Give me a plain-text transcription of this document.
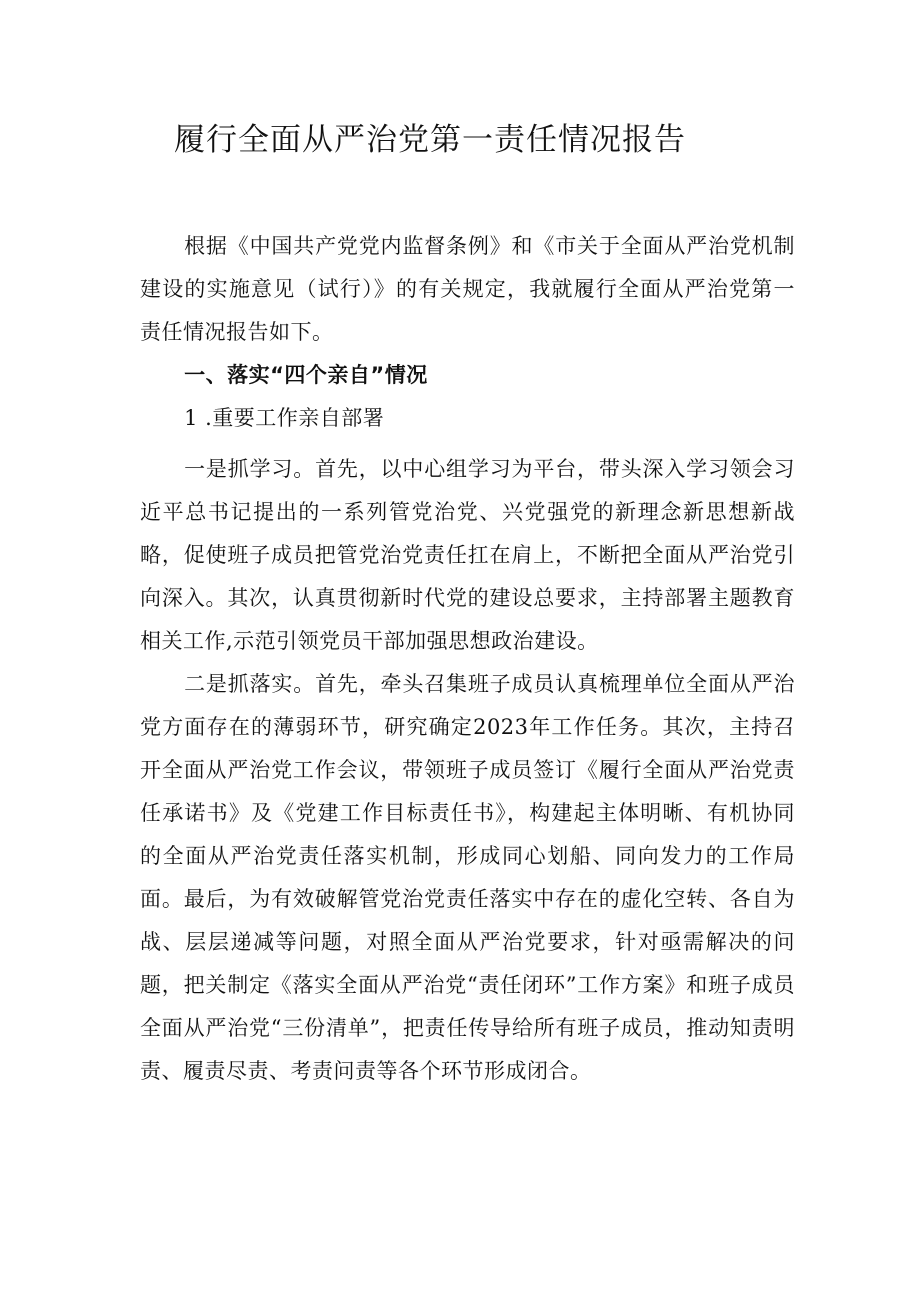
履行全面从严治党第一责任情况报告

根据《中国共产党党内监督条例》和《市关于全面从严治党机制建设的实施意见（试行）》的有关规定，我就履行全面从严治党第一责任情况报告如下。

一、落实“四个亲自”情况

1 .重要工作亲自部署

一是抓学习。首先，以中心组学习为平台，带头深入学习领会习近平总书记提出的一系列管党治党、兴党强党的新理念新思想新战略，促使班子成员把管党治党责任扛在肩上，不断把全面从严治党引向深入。其次，认真贯彻新时代党的建设总要求，主持部署主题教育相关工作,示范引领党员干部加强思想政治建设。

二是抓落实。首先，牵头召集班子成员认真梳理单位全面从严治党方面存在的薄弱环节，研究确定2023年工作任务。其次，主持召开全面从严治党工作会议，带领班子成员签订《履行全面从严治党责任承诺书》及《党建工作目标责任书》，构建起主体明晰、有机协同的全面从严治党责任落实机制，形成同心划船、同向发力的工作局面。最后，为有效破解管党治党责任落实中存在的虚化空转、各自为战、层层递减等问题，对照全面从严治党要求，针对亟需解决的问题，把关制定《落实全面从严治党“责任闭环”工作方案》和班子成员全面从严治党“三份清单”，把责任传导给所有班子成员，推动知责明责、履责尽责、考责问责等各个环节形成闭合。
